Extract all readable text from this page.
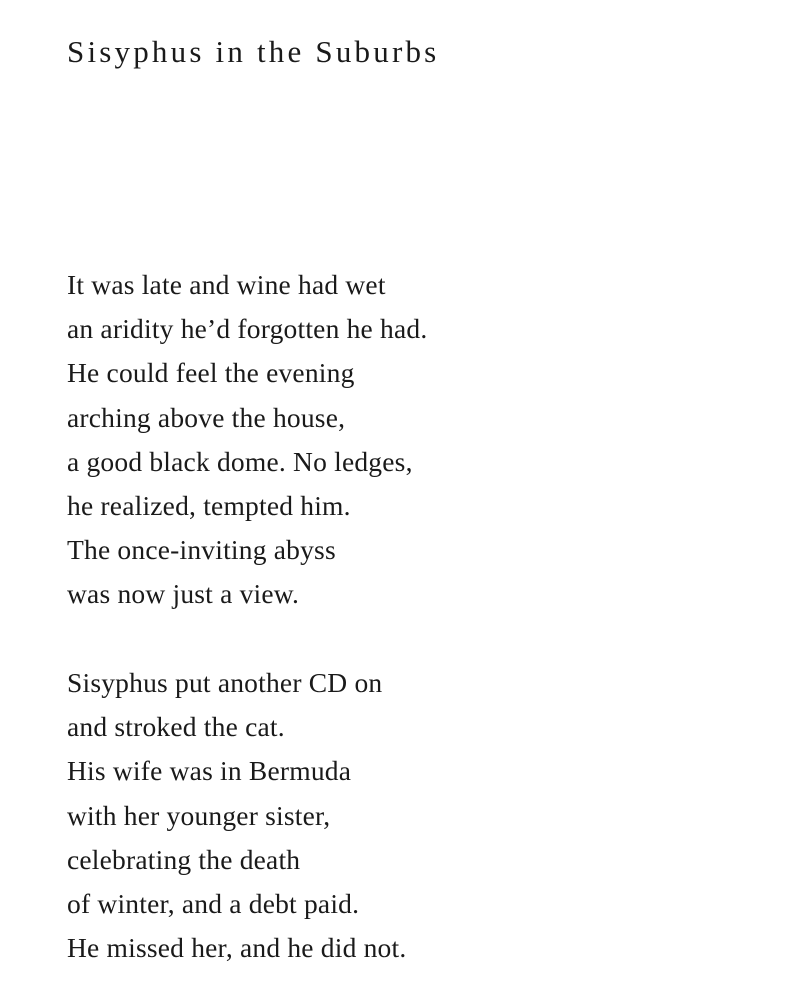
Sisyphus in the Suburbs
It was late and wine had wet
an aridity he’d forgotten he had.
He could feel the evening
arching above the house,
a good black dome. No ledges,
he realized, tempted him.
The once-inviting abyss
was now just a view.
Sisyphus put another CD on
and stroked the cat.
His wife was in Bermuda
with her younger sister,
celebrating the death
of winter, and a debt paid.
He missed her, and he did not.
